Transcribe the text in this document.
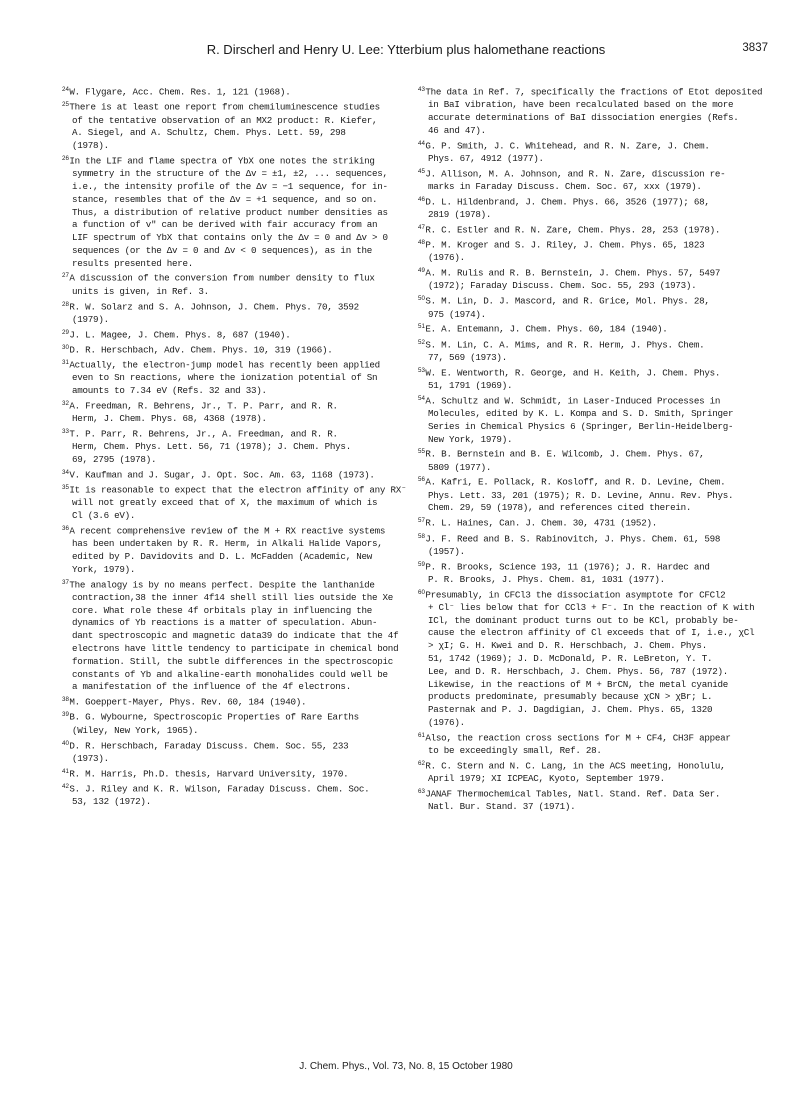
R. Dirscherl and Henry U. Lee: Ytterbium plus halomethane reactions	3837

$^{24}$W. Flygare, Acc. Chem. Res. 1, 121 (1968).

$^{25}$There is at least one report from chemiluminescence studies
of the tentative observation of an MX2 product: R. Kiefer,
A. Siegel, and A. Schultz, Chem. Phys. Lett. 59, 298
(1978).

$^{26}$In the LIF and flame spectra of YbX one notes the striking
symmetry in the structure of the Δv = ±1, ±2, ... sequences,
i.e., the intensity profile of the Δv = −1 sequence, for in-
stance, resembles that of the Δv = +1 sequence, and so on.
Thus, a distribution of relative product number densities as
a function of v″ can be derived with fair accuracy from an
LIF spectrum of YbX that contains only the Δv = 0 and Δv > 0
sequences (or the Δv = 0 and Δv < 0 sequences), as in the
results presented here.

$^{27}$A discussion of the conversion from number density to flux
units is given, in Ref. 3.

$^{28}$R. W. Solarz and S. A. Johnson, J. Chem. Phys. 70, 3592
(1979).

$^{29}$J. L. Magee, J. Chem. Phys. 8, 687 (1940).

$^{30}$D. R. Herschbach, Adv. Chem. Phys. 10, 319 (1966).

$^{31}$Actually, the electron-jump model has recently been applied
even to Sn reactions, where the ionization potential of Sn
amounts to 7.34 eV (Refs. 32 and 33).

$^{32}$A. Freedman, R. Behrens, Jr., T. P. Parr, and R. R.
Herm, J. Chem. Phys. 68, 4368 (1978).

$^{33}$T. P. Parr, R. Behrens, Jr., A. Freedman, and R. R.
Herm, Chem. Phys. Lett. 56, 71 (1978); J. Chem. Phys.
69, 2795 (1978).

$^{34}$V. Kaufman and J. Sugar, J. Opt. Soc. Am. 63, 1168 (1973).

$^{35}$It is reasonable to expect that the electron affinity of any RX⁻
will not greatly exceed that of X, the maximum of which is
Cl (3.6 eV).

$^{36}$A recent comprehensive review of the M + RX reactive systems
has been undertaken by R. R. Herm, in Alkali Halide Vapors,
edited by P. Davidovits and D. L. McFadden (Academic, New
York, 1979).

$^{37}$The analogy is by no means perfect. Despite the lanthanide
contraction,38 the inner 4f14 shell still lies outside the Xe
core. What role these 4f orbitals play in influencing the
dynamics of Yb reactions is a matter of speculation. Abun-
dant spectroscopic and magnetic data39 do indicate that the 4f
electrons have little tendency to participate in chemical bond
formation. Still, the subtle differences in the spectroscopic
constants of Yb and alkaline-earth monohalides could well be
a manifestation of the influence of the 4f electrons.

$^{38}$M. Goeppert-Mayer, Phys. Rev. 60, 184 (1940).

$^{39}$B. G. Wybourne, Spectroscopic Properties of Rare Earths
(Wiley, New York, 1965).

$^{40}$D. R. Herschbach, Faraday Discuss. Chem. Soc. 55, 233
(1973).

$^{41}$R. M. Harris, Ph.D. thesis, Harvard University, 1970.

$^{42}$S. J. Riley and K. R. Wilson, Faraday Discuss. Chem. Soc.
53, 132 (1972).

$^{43}$The data in Ref. 7, specifically the fractions of Etot deposited
in BaI vibration, have been recalculated based on the more
accurate determinations of BaI dissociation energies (Refs.
46 and 47).

$^{44}$G. P. Smith, J. C. Whitehead, and R. N. Zare, J. Chem.
Phys. 67, 4912 (1977).

$^{45}$J. Allison, M. A. Johnson, and R. N. Zare, discussion re-
marks in Faraday Discuss. Chem. Soc. 67, xxx (1979).

$^{46}$D. L. Hildenbrand, J. Chem. Phys. 66, 3526 (1977); 68,
2819 (1978).

$^{47}$R. C. Estler and R. N. Zare, Chem. Phys. 28, 253 (1978).

$^{48}$P. M. Kroger and S. J. Riley, J. Chem. Phys. 65, 1823
(1976).

$^{49}$A. M. Rulis and R. B. Bernstein, J. Chem. Phys. 57, 5497
(1972); Faraday Discuss. Chem. Soc. 55, 293 (1973).

$^{50}$S. M. Lin, D. J. Mascord, and R. Grice, Mol. Phys. 28,
975 (1974).

$^{51}$E. A. Entemann, J. Chem. Phys. 60, 184 (1940).

$^{52}$S. M. Lin, C. A. Mims, and R. R. Herm, J. Phys. Chem.
77, 569 (1973).

$^{53}$W. E. Wentworth, R. George, and H. Keith, J. Chem. Phys.
51, 1791 (1969).

$^{54}$A. Schultz and W. Schmidt, in Laser-Induced Processes in
Molecules, edited by K. L. Kompa and S. D. Smith, Springer
Series in Chemical Physics 6 (Springer, Berlin-Heidelberg-
New York, 1979).

$^{55}$R. B. Bernstein and B. E. Wilcomb, J. Chem. Phys. 67,
5809 (1977).

$^{56}$A. Kafri, E. Pollack, R. Kosloff, and R. D. Levine, Chem.
Phys. Lett. 33, 201 (1975); R. D. Levine, Annu. Rev. Phys.
Chem. 29, 59 (1978), and references cited therein.

$^{57}$R. L. Haines, Can. J. Chem. 30, 4731 (1952).

$^{58}$J. F. Reed and B. S. Rabinovitch, J. Phys. Chem. 61, 598
(1957).

$^{59}$P. R. Brooks, Science 193, 11 (1976); J. R. Hardec and
P. R. Brooks, J. Phys. Chem. 81, 1031 (1977).

$^{60}$Presumably, in CFCl3 the dissociation asymptote for CFCl2
+ Cl⁻ lies below that for CCl3 + F⁻. In the reaction of K with
ICl, the dominant product turns out to be KCl, probably be-
cause the electron affinity of Cl exceeds that of I, i.e., χCl
> χI; G. H. Kwei and D. R. Herschbach, J. Chem. Phys.
51, 1742 (1969); J. D. McDonald, P. R. LeBreton, Y. T.
Lee, and D. R. Herschbach, J. Chem. Phys. 56, 787 (1972).
Likewise, in the reactions of M + BrCN, the metal cyanide
products predominate, presumably because χCN > χBr; L.
Pasternak and P. J. Dagdigian, J. Chem. Phys. 65, 1320
(1976).

$^{61}$Also, the reaction cross sections for M + CF4, CH3F appear
to be exceedingly small, Ref. 28.

$^{62}$R. C. Stern and N. C. Lang, in the ACS meeting, Honolulu,
April 1979; XI ICPEAC, Kyoto, September 1979.

$^{63}$JANAF Thermochemical Tables, Natl. Stand. Ref. Data Ser.
Natl. Bur. Stand. 37 (1971).

J. Chem. Phys., Vol. 73, No. 8, 15 October 1980
